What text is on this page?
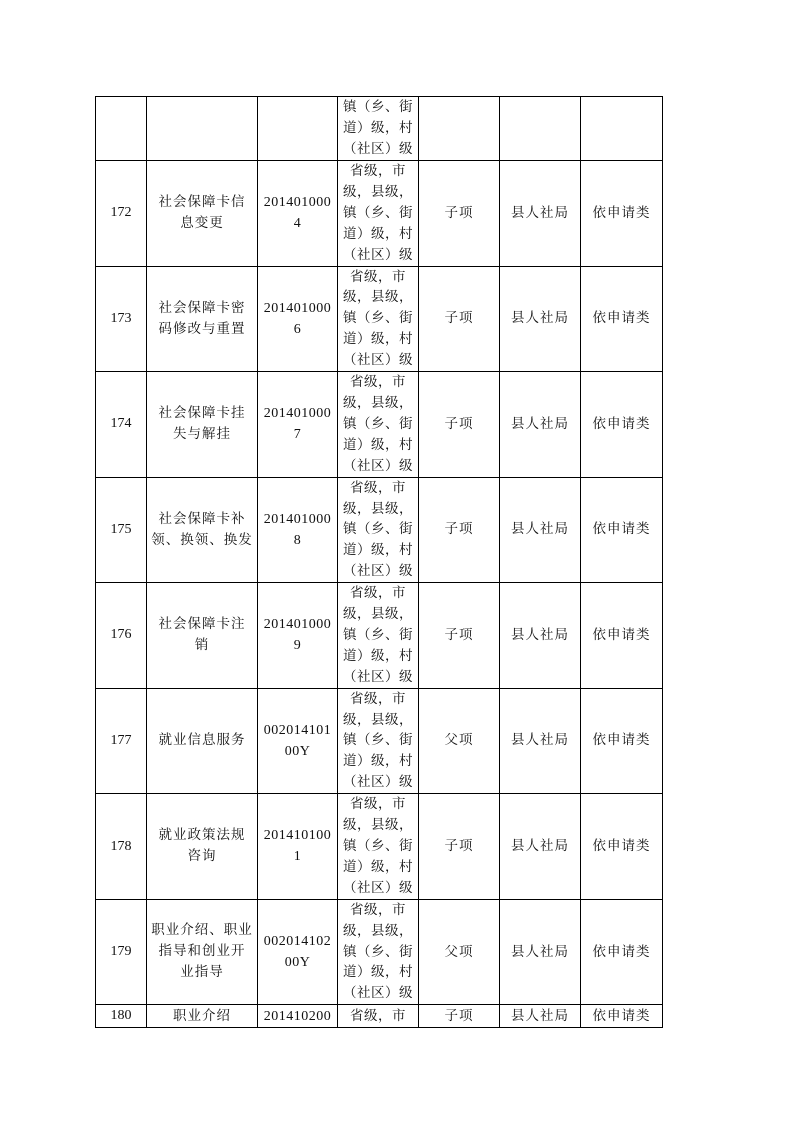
			镇（乡、街
道）级，村
（社区）级			
172	社会保障卡信
息变更	201401000
4	省级，市
级，县级，
镇（乡、街
道）级，村
（社区）级	子项	县人社局	依申请类
173	社会保障卡密
码修改与重置	201401000
6	省级，市
级，县级，
镇（乡、街
道）级，村
（社区）级	子项	县人社局	依申请类
174	社会保障卡挂
失与解挂	201401000
7	省级，市
级，县级，
镇（乡、街
道）级，村
（社区）级	子项	县人社局	依申请类
175	社会保障卡补
领、换领、换发	201401000
8	省级，市
级，县级，
镇（乡、街
道）级，村
（社区）级	子项	县人社局	依申请类
176	社会保障卡注
销	201401000
9	省级，市
级，县级，
镇（乡、街
道）级，村
（社区）级	子项	县人社局	依申请类
177	就业信息服务	002014101
00Y	省级，市
级，县级，
镇（乡、街
道）级，村
（社区）级	父项	县人社局	依申请类
178	就业政策法规
咨询	201410100
1	省级，市
级，县级，
镇（乡、街
道）级，村
（社区）级	子项	县人社局	依申请类
179	职业介绍、职业
指导和创业开
业指导	002014102
00Y	省级，市
级，县级，
镇（乡、街
道）级，村
（社区）级	父项	县人社局	依申请类
180	职业介绍	201410200	省级，市	子项	县人社局	依申请类
